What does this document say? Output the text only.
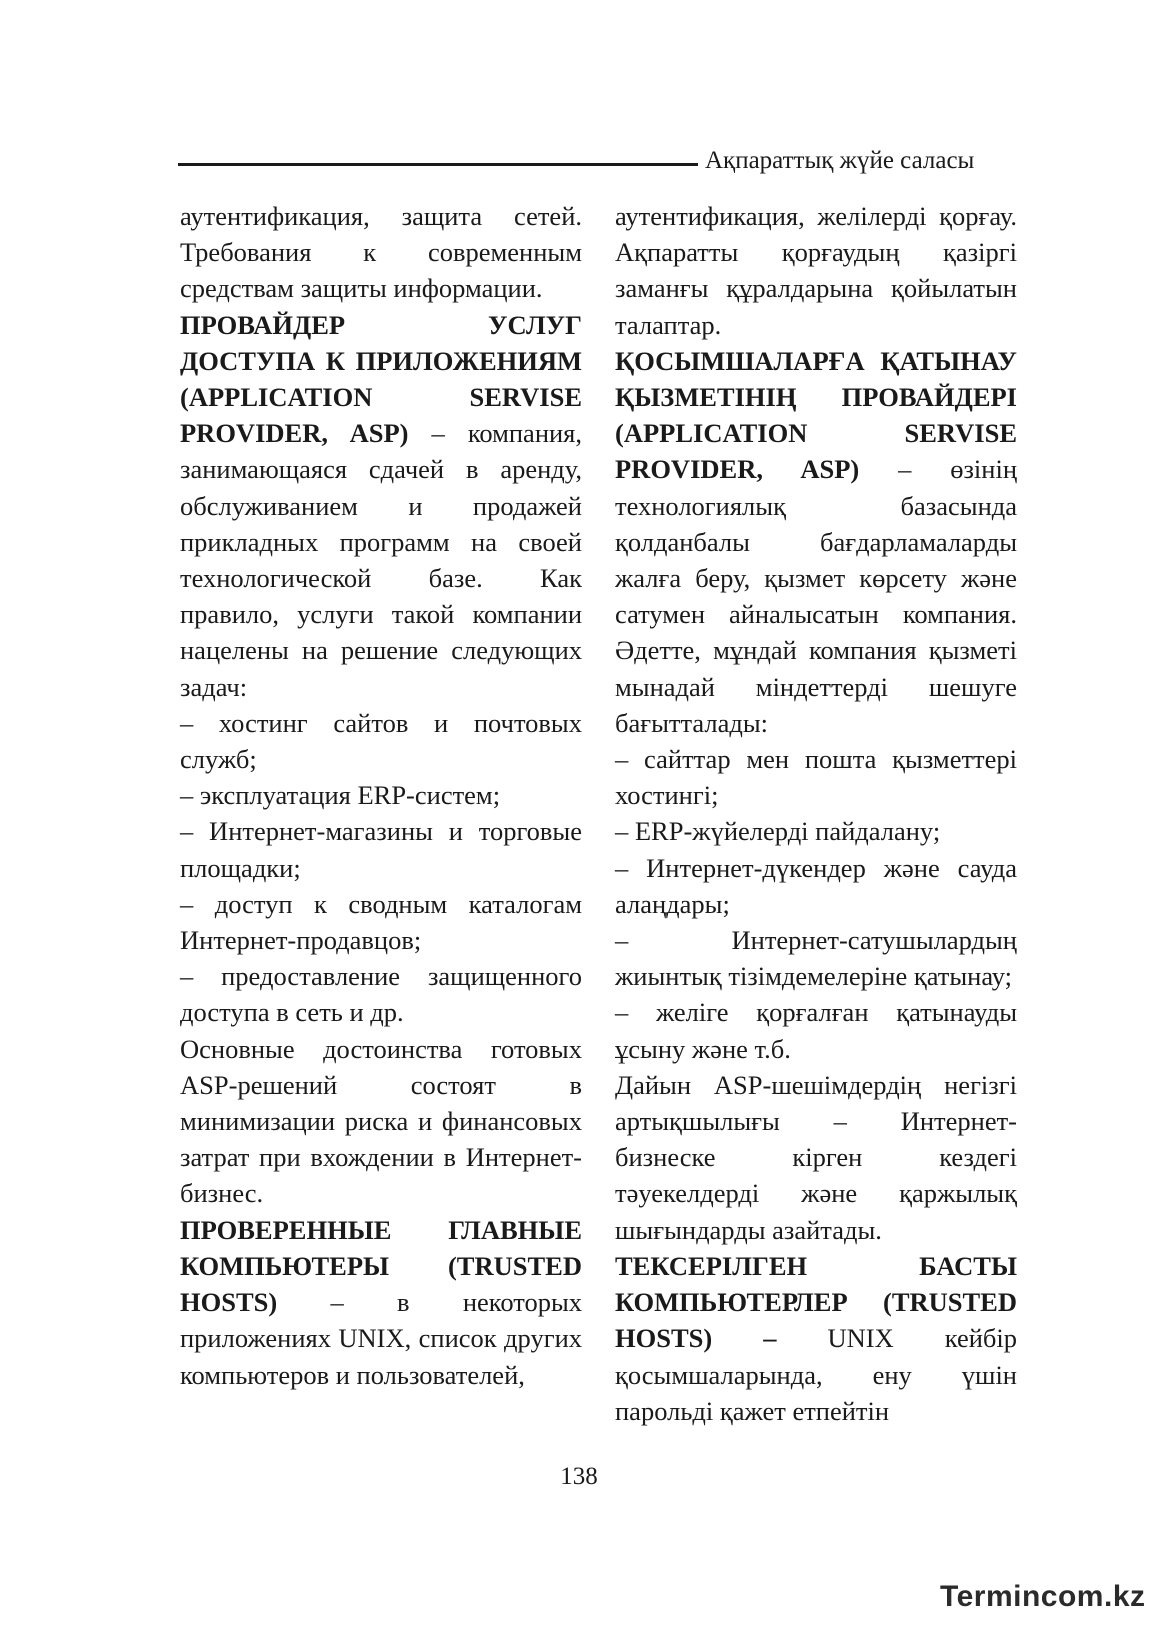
Ақпараттық жүйе саласы

аутентификация, защита сетей. Требования к современным средствам защиты информации.

ПРОВАЙДЕР УСЛУГ ДОСТУПА К ПРИЛОЖЕНИЯМ (APPLICATION SERVISE PROVIDER, ASP) – компания, занимающаяся сдачей в аренду, обслуживанием и продажей прикладных программ на своей технологической базе. Как правило, услуги такой компании нацелены на решение следующих задач:

– хостинг сайтов и почтовых служб;

– эксплуатация ERP-систем;

– Интернет-магазины и торговые площадки;

– доступ к сводным каталогам Интернет-продавцов;

– предоставление защищенного доступа в сеть и др.

Основные достоинства готовых ASP-решений состоят в минимизации риска и финансовых затрат при вхождении в Интернет-бизнес.

ПРОВЕРЕННЫЕ ГЛАВНЫЕ КОМПЬЮТЕРЫ (TRUSTED HOSTS) – в некоторых приложениях UNIX, список других компьютеров и пользователей,

аутентификация, желілерді қорғау. Ақпаратты қорғаудың қазіргі заманғы құралдарына қойылатын талаптар.

ҚОСЫМШАЛАРҒА ҚАТЫНАУ ҚЫЗМЕТІНІҢ ПРОВАЙДЕРІ (APPLICATION SERVISE PROVIDER, ASP) – өзінің технологиялық базасында қолданбалы бағдарламаларды жалға беру, қызмет көрсету және сатумен айналысатын компания. Әдетте, мұндай компания қызметі мынадай міндеттерді шешуге бағытталады:

– сайттар мен пошта қызметтері хостингі;

– ERP-жүйелерді пайдалану;

– Интернет-дүкендер және сауда алаңдары;

– Интернет-сатушылардың жиынтық тізімдемелеріне қатынау;

– желіге қорғалған қатынауды ұсыну және т.б.

Дайын ASP-шешімдердің негізгі артықшылығы – Интернет-бизнеске кірген кездегі тәуекелдерді және қаржылық шығындарды азайтады.

ТЕКСЕРІЛГЕН БАСТЫ КОМПЬЮТЕРЛЕР (TRUSTED HOSTS) – UNIX кейбір қосымшаларында, ену үшін парольді қажет етпейтін

138
Termincom.kz
